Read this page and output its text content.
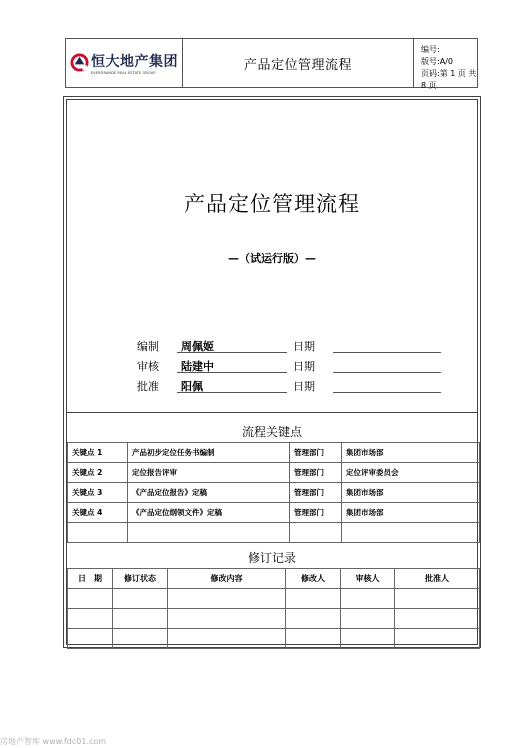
恒大地产集团
EVERGRANDE REAL ESTATE GROUP
产品定位管理流程
编号:
版号:A/0
页码:第 1 页 共 8 页
产品定位管理流程
—（试运行版）—
编制	周佩姬	日期
审核	陆建中	日期
批准	阳佩	日期
流程关键点
关键点 1	产品初步定位任务书编制	管理部门	集团市场部
关键点 2	定位报告评审	管理部门	定位评审委员会
关键点 3	《产品定位报告》定稿	管理部门	集团市场部
关键点 4	《产品定位纲领文件》定稿	管理部门	集团市场部

修订记录
日　期	修订状态	修改内容	修改人	审核人	批准人

房地产智库 www.fdc01.com
